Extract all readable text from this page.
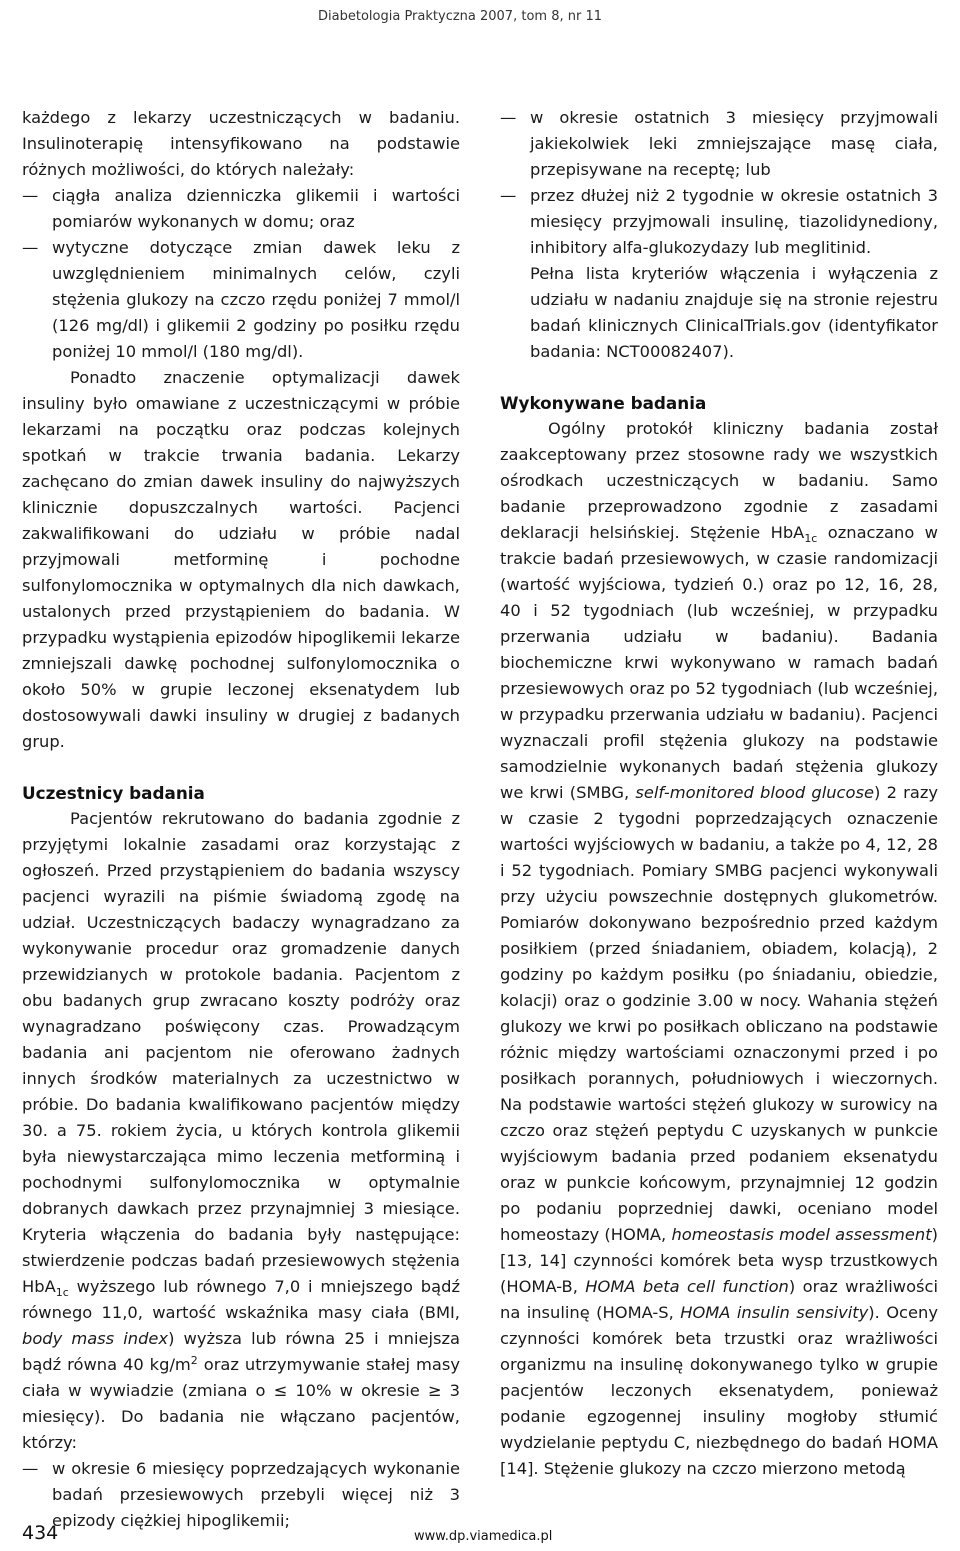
Diabetologia Praktyczna 2007, tom 8, nr 11

każdego z lekarzy uczestniczących w badaniu. Insulinoterapię intensyfikowano na podstawie różnych możliwości, do których należały:

— ciągła analiza dzienniczka glikemii i wartości pomiarów wykonanych w domu; oraz
— wytyczne dotyczące zmian dawek leku z uwzględnieniem minimalnych celów, czyli stężenia glukozy na czczo rzędu poniżej 7 mmol/l (126 mg/dl) i glikemii 2 godziny po posiłku rzędu poniżej 10 mmol/l (180 mg/dl).

Ponadto znaczenie optymalizacji dawek insuliny było omawiane z uczestniczącymi w próbie lekarzami na początku oraz podczas kolejnych spotkań w trakcie trwania badania. Lekarzy zachęcano do zmian dawek insuliny do najwyższych klinicznie dopuszczalnych wartości. Pacjenci zakwalifikowani do udziału w próbie nadal przyjmowali metforminę i pochodne sulfonylomocznika w optymalnych dla nich dawkach, ustalonych przed przystąpieniem do badania. W przypadku wystąpienia epizodów hipoglikemii lekarze zmniejszali dawkę pochodnej sulfonylomocznika o około 50% w grupie leczonej eksenatydem lub dostosowywali dawki insuliny w drugiej z badanych grup.

Uczestnicy badania

Pacjentów rekrutowano do badania zgodnie z przyjętymi lokalnie zasadami oraz korzystając z ogłoszeń. Przed przystąpieniem do badania wszyscy pacjenci wyrazili na piśmie świadomą zgodę na udział. Uczestniczących badaczy wynagradzano za wykonywanie procedur oraz gromadzenie danych przewidzianych w protokole badania. Pacjentom z obu badanych grup zwracano koszty podróży oraz wynagradzano poświęcony czas. Prowadzącym badania ani pacjentom nie oferowano żadnych innych środków materialnych za uczestnictwo w próbie. Do badania kwalifikowano pacjentów między 30. a 75. rokiem życia, u których kontrola glikemii była niewystarczająca mimo leczenia metforminą i pochodnymi sulfonylomocznika w optymalnie dobranych dawkach przez przynajmniej 3 miesiące. Kryteria włączenia do badania były następujące: stwierdzenie podczas badań przesiewowych stężenia HbA$_{1c}$ wyższego lub równego 7,0 i mniejszego bądź równego 11,0, wartość wskaźnika masy ciała (BMI, body mass index) wyższa lub równa 25 i mniejsza bądź równa 40 $kg/m^2$ oraz utrzymywanie stałej masy ciała w wywiadzie (zmiana o ≤ 10% w okresie ≥ 3 miesięcy). Do badania nie włączano pacjentów, którzy:

— w okresie 6 miesięcy poprzedzających wykonanie badań przesiewowych przebyli więcej niż 3 epizody ciężkiej hipoglikemii;
— w okresie ostatnich 3 miesięcy przyjmowali jakiekolwiek leki zmniejszające masę ciała, przepisywane na receptę; lub
— przez dłużej niż 2 tygodnie w okresie ostatnich 3 miesięcy przyjmowali insulinę, tiazolidynediony, inhibitory alfa-glukozydazy lub meglitinid.

Pełna lista kryteriów włączenia i wyłączenia z udziału w nadaniu znajduje się na stronie rejestru badań klinicznych ClinicalTrials.gov (identyfikator badania: NCT00082407).

Wykonywane badania

Ogólny protokół kliniczny badania został zaakceptowany przez stosowne rady we wszystkich ośrodkach uczestniczących w badaniu. Samo badanie przeprowadzono zgodnie z zasadami deklaracji helsińskiej. Stężenie HbA$_{1c}$ oznaczano w trakcie badań przesiewowych, w czasie randomizacji (wartość wyjściowa, tydzień 0.) oraz po 12, 16, 28, 40 i 52 tygodniach (lub wcześniej, w przypadku przerwania udziału w badaniu). Badania biochemiczne krwi wykonywano w ramach badań przesiewowych oraz po 52 tygodniach (lub wcześniej, w przypadku przerwania udziału w badaniu). Pacjenci wyznaczali profil stężenia glukozy na podstawie samodzielnie wykonanych badań stężenia glukozy we krwi (SMBG, self-monitored blood glucose) 2 razy w czasie 2 tygodni poprzedzających oznaczenie wartości wyjściowych w badaniu, a także po 4, 12, 28 i 52 tygodniach. Pomiary SMBG pacjenci wykonywali przy użyciu powszechnie dostępnych glukometrów. Pomiarów dokonywano bezpośrednio przed każdym posiłkiem (przed śniadaniem, obiadem, kolacją), 2 godziny po każdym posiłku (po śniadaniu, obiedzie, kolacji) oraz o godzinie 3.00 w nocy. Wahania stężeń glukozy we krwi po posiłkach obliczano na podstawie różnic między wartościami oznaczonymi przed i po posiłkach porannych, południowych i wieczornych. Na podstawie wartości stężeń glukozy w surowicy na czczo oraz stężeń peptydu C uzyskanych w punkcie wyjściowym badania przed podaniem eksenatydu oraz w punkcie końcowym, przynajmniej 12 godzin po podaniu poprzedniej dawki, oceniano model homeostazy (HOMA, homeostasis model assessment) [13, 14] czynności komórek beta wysp trzustkowych (HOMA-B, HOMA beta cell function) oraz wrażliwości na insulinę (HOMA-S, HOMA insulin sensivity). Oceny czynności komórek beta trzustki oraz wrażliwości organizmu na insulinę dokonywanego tylko w grupie pacjentów leczonych eksenatydem, ponieważ podanie egzogennej insuliny mogłoby stłumić wydzielanie peptydu C, niezbędnego do badań HOMA [14]. Stężenie glukozy na czczo mierzono metodą

434	www.dp.viamedica.pl
